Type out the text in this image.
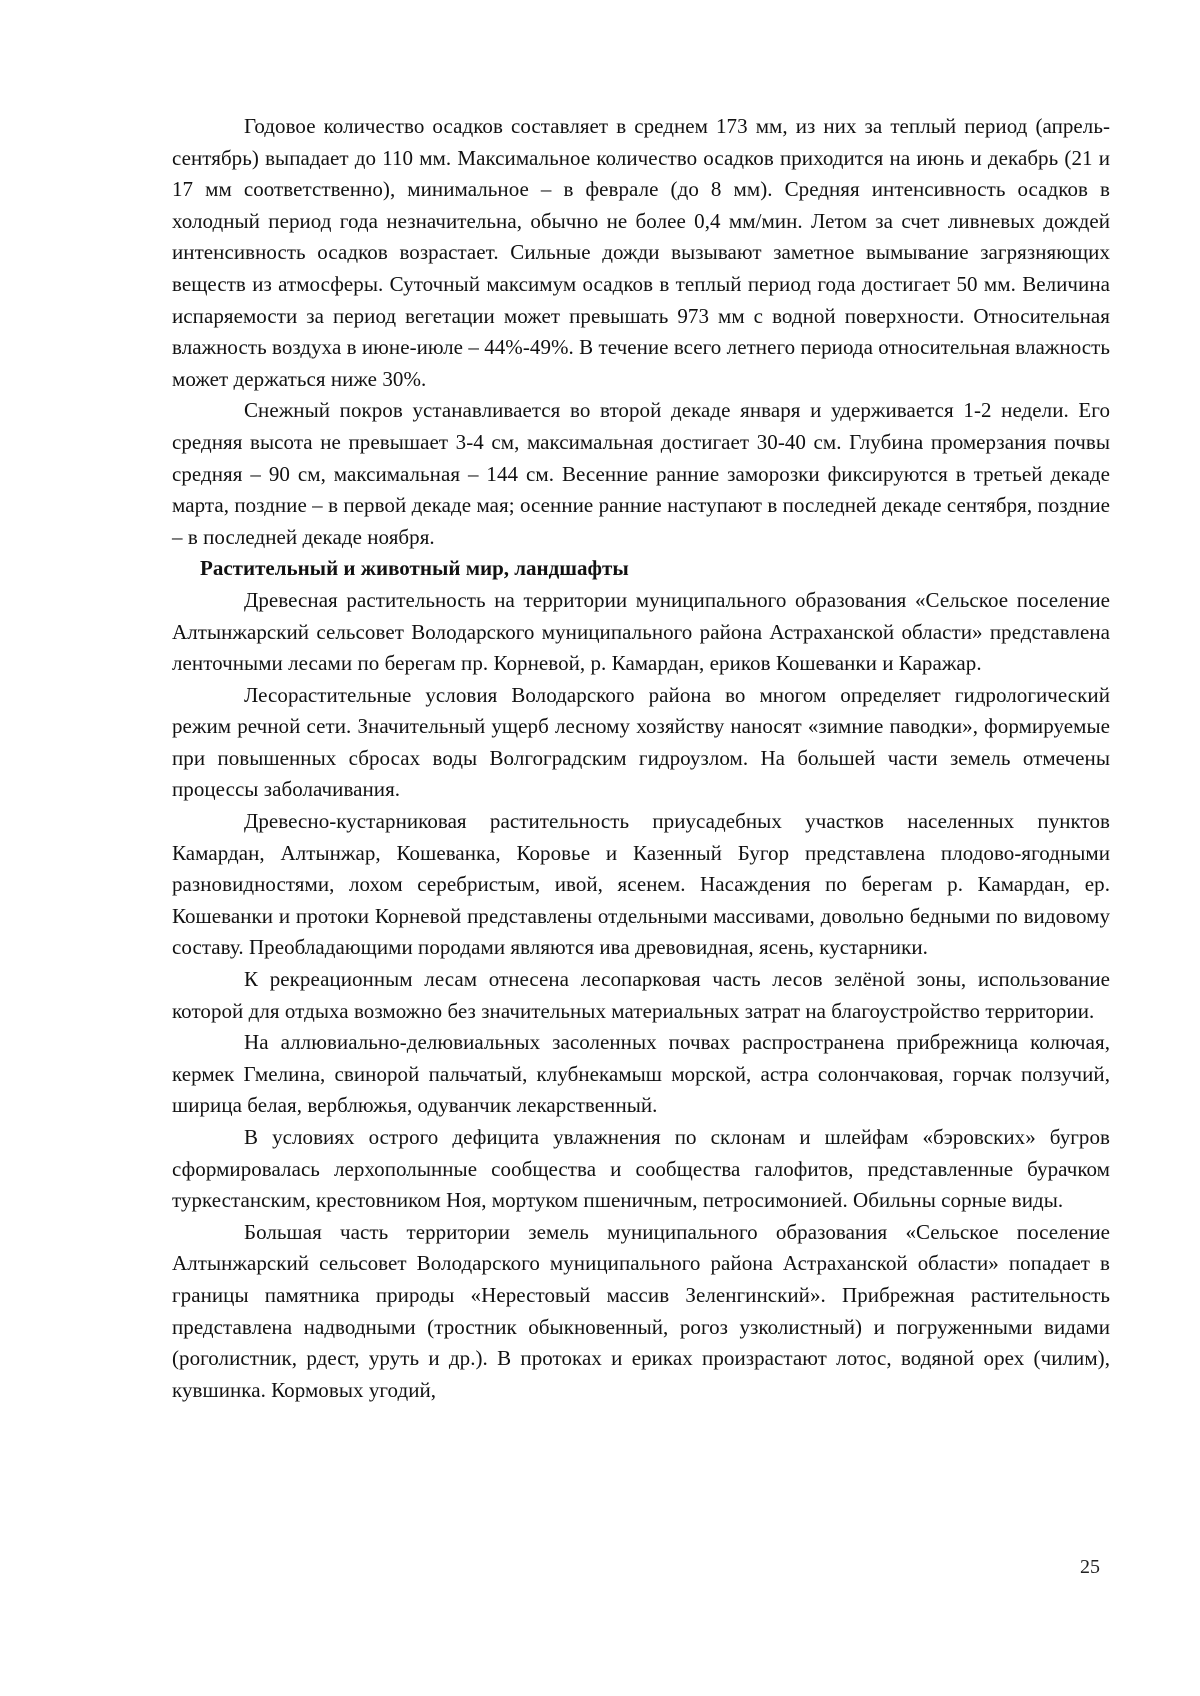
Годовое количество осадков составляет в среднем 173 мм, из них за теплый период (апрель-сентябрь) выпадает до 110 мм. Максимальное количество осадков приходится на июнь и декабрь (21 и 17 мм соответственно), минимальное – в феврале (до 8 мм). Средняя интенсивность осадков в холодный период года незначительна, обычно не более 0,4 мм/мин. Летом за счет ливневых дождей интенсивность осадков возрастает. Сильные дожди вызывают заметное вымывание загрязняющих веществ из атмосферы. Суточный максимум осадков в теплый период года достигает 50 мм. Величина испаряемости за период вегетации может превышать 973 мм с водной поверхности. Относительная влажность воздуха в июне-июле – 44%-49%. В течение всего летнего периода относительная влажность может держаться ниже 30%.

Снежный покров устанавливается во второй декаде января и удерживается 1-2 недели. Его средняя высота не превышает 3-4 см, максимальная достигает 30-40 см. Глубина промерзания почвы средняя – 90 см, максимальная – 144 см. Весенние ранние заморозки фиксируются в третьей декаде марта, поздние – в первой декаде мая; осенние ранние наступают в последней декаде сентября, поздние – в последней декаде ноября.

Растительный и животный мир, ландшафты

Древесная растительность на территории муниципального образования «Сельское поселение Алтынжарский сельсовет Володарского муниципального района Астраханской области» представлена ленточными лесами по берегам пр. Корневой, р. Камардан, ериков Кошеванки и Каражар.

Лесорастительные условия Володарского района во многом определяет гидрологический режим речной сети. Значительный ущерб лесному хозяйству наносят «зимние паводки», формируемые при повышенных сбросах воды Волгоградским гидроузлом. На большей части земель отмечены процессы заболачивания.

Древесно-кустарниковая растительность приусадебных участков населенных пунктов Камардан, Алтынжар, Кошеванка, Коровье и Казенный Бугор представлена плодово-ягодными разновидностями, лохом серебристым, ивой, ясенем. Насаждения по берегам р. Камардан, ер. Кошеванки и протоки Корневой представлены отдельными массивами, довольно бедными по видовому составу. Преобладающими породами являются ива древовидная, ясень, кустарники.

К рекреационным лесам отнесена лесопарковая часть лесов зелёной зоны, использование которой для отдыха возможно без значительных материальных затрат на благоустройство территории.

На аллювиально-делювиальных засоленных почвах распространена прибрежница колючая, кермек Гмелина, свинорой пальчатый, клубнекамыш морской, астра солончаковая, горчак ползучий, ширица белая, верблюжья, одуванчик лекарственный.

В условиях острого дефицита увлажнения по склонам и шлейфам «бэровских» бугров сформировалась лерхополынные сообщества и сообщества галофитов, представленные бурачком туркестанским, крестовником Ноя, мортуком пшеничным, петросимонией. Обильны сорные виды.

Большая часть территории земель муниципального образования «Сельское поселение Алтынжарский сельсовет Володарского муниципального района Астраханской области» попадает в границы памятника природы «Нерестовый массив Зеленгинский». Прибрежная растительность представлена надводными (тростник обыкновенный, рогоз узколистный) и погруженными видами (роголистник, рдест, уруть и др.). В протоках и ериках произрастают лотос, водяной орех (чилим), кувшинка. Кормовых угодий,

25
